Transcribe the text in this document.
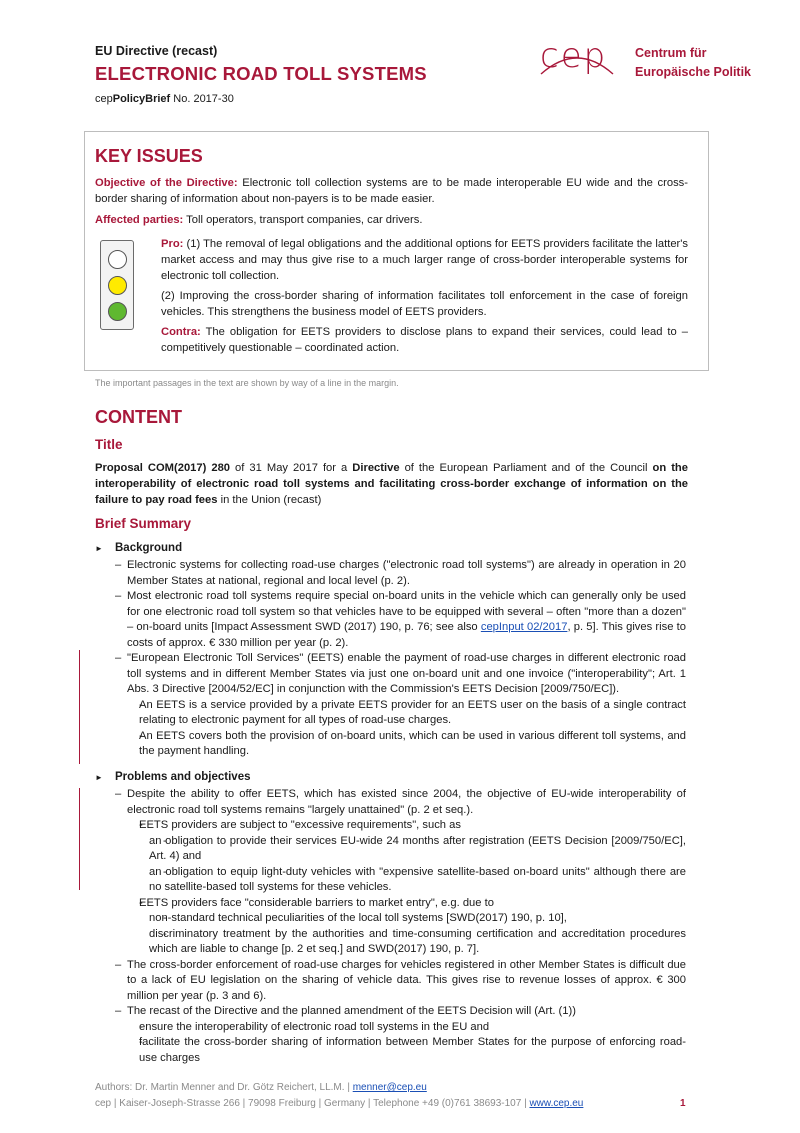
EU Directive (recast)
ELECTRONIC ROAD TOLL SYSTEMS
cepPolicyBrief No. 2017-30
cep Centrum für
Europäische Politik
KEY ISSUES

Objective of the Directive: Electronic toll collection systems are to be made interoperable EU wide and the cross-border sharing of information about non-payers is to be made easier.

Affected parties: Toll operators, transport companies, car drivers.

Pro: (1) The removal of legal obligations and the additional options for EETS providers facilitate the latter's market access and may thus give rise to a much larger range of cross-border interoperable systems for electronic toll collection.

(2) Improving the cross-border sharing of information facilitates toll enforcement in the case of foreign vehicles. This strengthens the business model of EETS providers.

Contra: The obligation for EETS providers to disclose plans to expand their services, could lead to – competitively questionable – coordinated action.

The important passages in the text are shown by way of a line in the margin.
CONTENT
Title

Proposal COM(2017) 280 of 31 May 2017 for a Directive of the European Parliament and of the Council on the interoperability of electronic road toll systems and facilitating cross-border exchange of information on the failure to pay road fees in the Union (recast)

Brief Summary
► Background
– Electronic systems for collecting road-use charges ("electronic road toll systems") are already in operation in 20 Member States at national, regional and local level (p. 2).
– Most electronic road toll systems require special on-board units in the vehicle which can generally only be used for one electronic road toll system so that vehicles have to be equipped with several – often "more than a dozen" – on-board units [Impact Assessment SWD (2017) 190, p. 76; see also cepInput 02/2017, p. 5]. This gives rise to costs of approx. € 330 million per year (p. 2).
– "European Electronic Toll Services" (EETS) enable the payment of road-use charges in different electronic road toll systems and in different Member States via just one on-board unit and one invoice ("interoperability"; Art. 1 Abs. 3 Directive [2004/52/EC] in conjunction with the Commission's EETS Decision [2009/750/EC]).
- An EETS is a service provided by a private EETS provider for an EETS user on the basis of a single contract relating to electronic payment for all types of road-use charges.
- An EETS covers both the provision of on-board units, which can be used in various different toll systems, and the payment handling.
► Problems and objectives
– Despite the ability to offer EETS, which has existed since 2004, the objective of EU-wide interoperability of electronic road toll systems remains "largely unattained" (p. 2 et seq.).
- EETS providers are subject to "excessive requirements", such as
- an obligation to provide their services EU-wide 24 months after registration (EETS Decision [2009/750/EC], Art. 4) and
- an obligation to equip light-duty vehicles with "expensive satellite-based on-board units" although there are no satellite-based toll systems for these vehicles.
- EETS providers face "considerable barriers to market entry", e.g. due to
- non-standard technical peculiarities of the local toll systems [SWD(2017) 190, p. 10],
- discriminatory treatment by the authorities and time-consuming certification and accreditation procedures which are liable to change [p. 2 et seq.] and SWD(2017) 190, p. 7].
– The cross-border enforcement of road-use charges for vehicles registered in other Member States is difficult due to a lack of EU legislation on the sharing of vehicle data. This gives rise to revenue losses of approx. € 300 million per year (p. 3 and 6).
– The recast of the Directive and the planned amendment of the EETS Decision will (Art. (1))
- ensure the interoperability of electronic road toll systems in the EU and
- facilitate the cross-border sharing of information between Member States for the purpose of enforcing road-use charges
Authors: Dr. Martin Menner and Dr. Götz Reichert, LL.M. | menner@cep.eu
cep | Kaiser-Joseph-Strasse 266 | 79098 Freiburg | Germany | Telephone +49 (0)761 38693-107 | www.cep.eu	1
